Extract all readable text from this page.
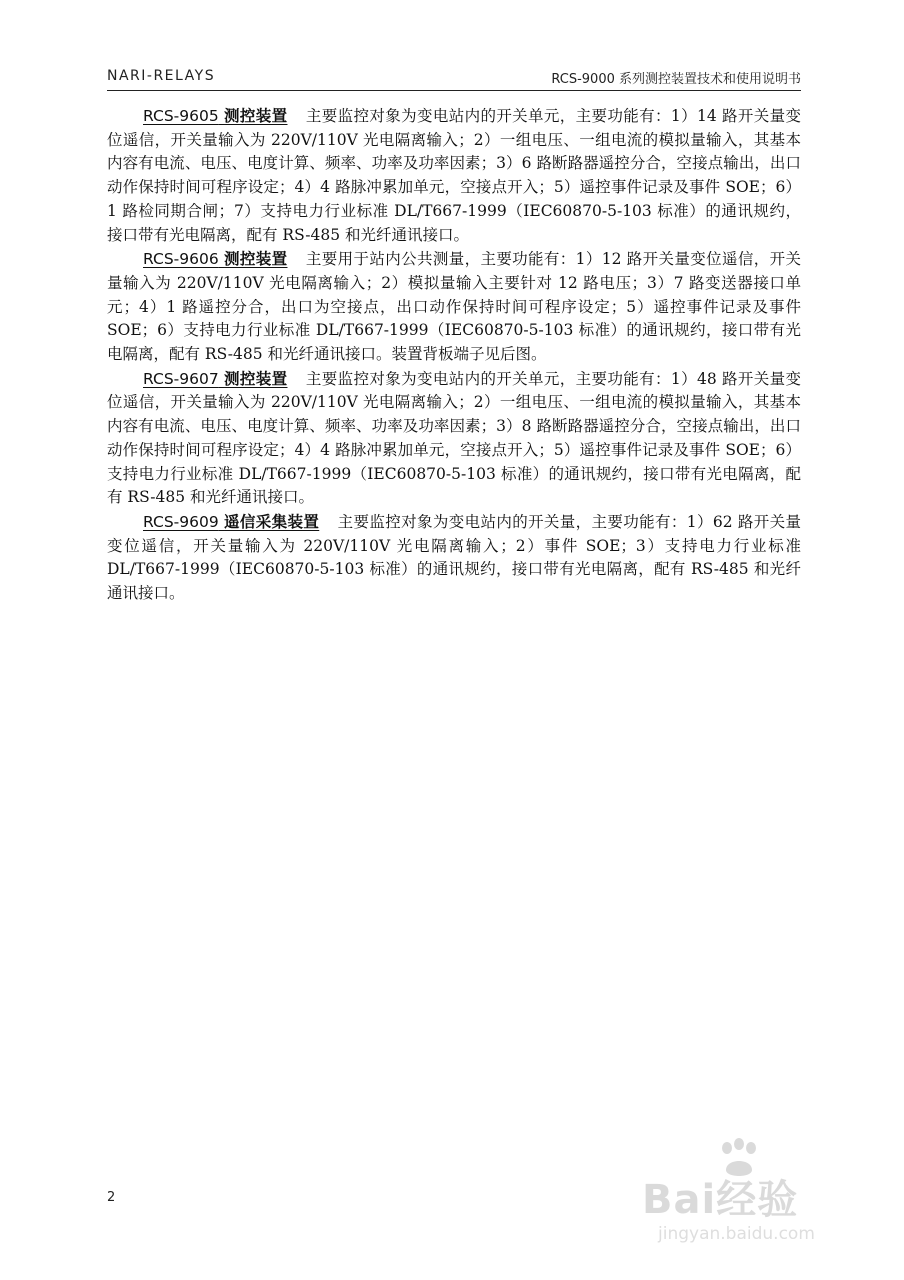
NARI-RELAYS	RCS-9000 系列测控装置技术和使用说明书

RCS-9605 测控装置 主要监控对象为变电站内的开关单元，主要功能有：1）14 路开关量变位遥信，开关量输入为 220V/110V 光电隔离输入；2）一组电压、一组电流的模拟量输入，其基本内容有电流、电压、电度计算、频率、功率及功率因素；3）6 路断路器遥控分合，空接点输出，出口动作保持时间可程序设定；4）4 路脉冲累加单元，空接点开入；5）遥控事件记录及事件 SOE；6）1 路检同期合闸；7）支持电力行业标准 DL/T667-1999（IEC60870-5-103 标准）的通讯规约，接口带有光电隔离，配有 RS-485 和光纤通讯接口。

RCS-9606 测控装置 主要用于站内公共测量，主要功能有：1）12 路开关量变位遥信，开关量输入为 220V/110V 光电隔离输入；2）模拟量输入主要针对 12 路电压；3）7 路变送器接口单元；4）1 路遥控分合，出口为空接点，出口动作保持时间可程序设定；5）遥控事件记录及事件 SOE；6）支持电力行业标准 DL/T667-1999（IEC60870-5-103 标准）的通讯规约，接口带有光电隔离，配有 RS-485 和光纤通讯接口。装置背板端子见后图。

RCS-9607 测控装置 主要监控对象为变电站内的开关单元，主要功能有：1）48 路开关量变位遥信，开关量输入为 220V/110V 光电隔离输入；2）一组电压、一组电流的模拟量输入，其基本内容有电流、电压、电度计算、频率、功率及功率因素；3）8 路断路器遥控分合，空接点输出，出口动作保持时间可程序设定；4）4 路脉冲累加单元，空接点开入；5）遥控事件记录及事件 SOE；6）支持电力行业标准 DL/T667-1999（IEC60870-5-103 标准）的通讯规约，接口带有光电隔离，配有 RS-485 和光纤通讯接口。

RCS-9609 遥信采集装置 主要监控对象为变电站内的开关量，主要功能有：1）62 路开关量变位遥信，开关量输入为 220V/110V 光电隔离输入；2）事件 SOE；3）支持电力行业标准 DL/T667-1999（IEC60870-5-103 标准）的通讯规约，接口带有光电隔离，配有 RS-485 和光纤通讯接口。

2	Bai经验
jingyan.baidu.com
